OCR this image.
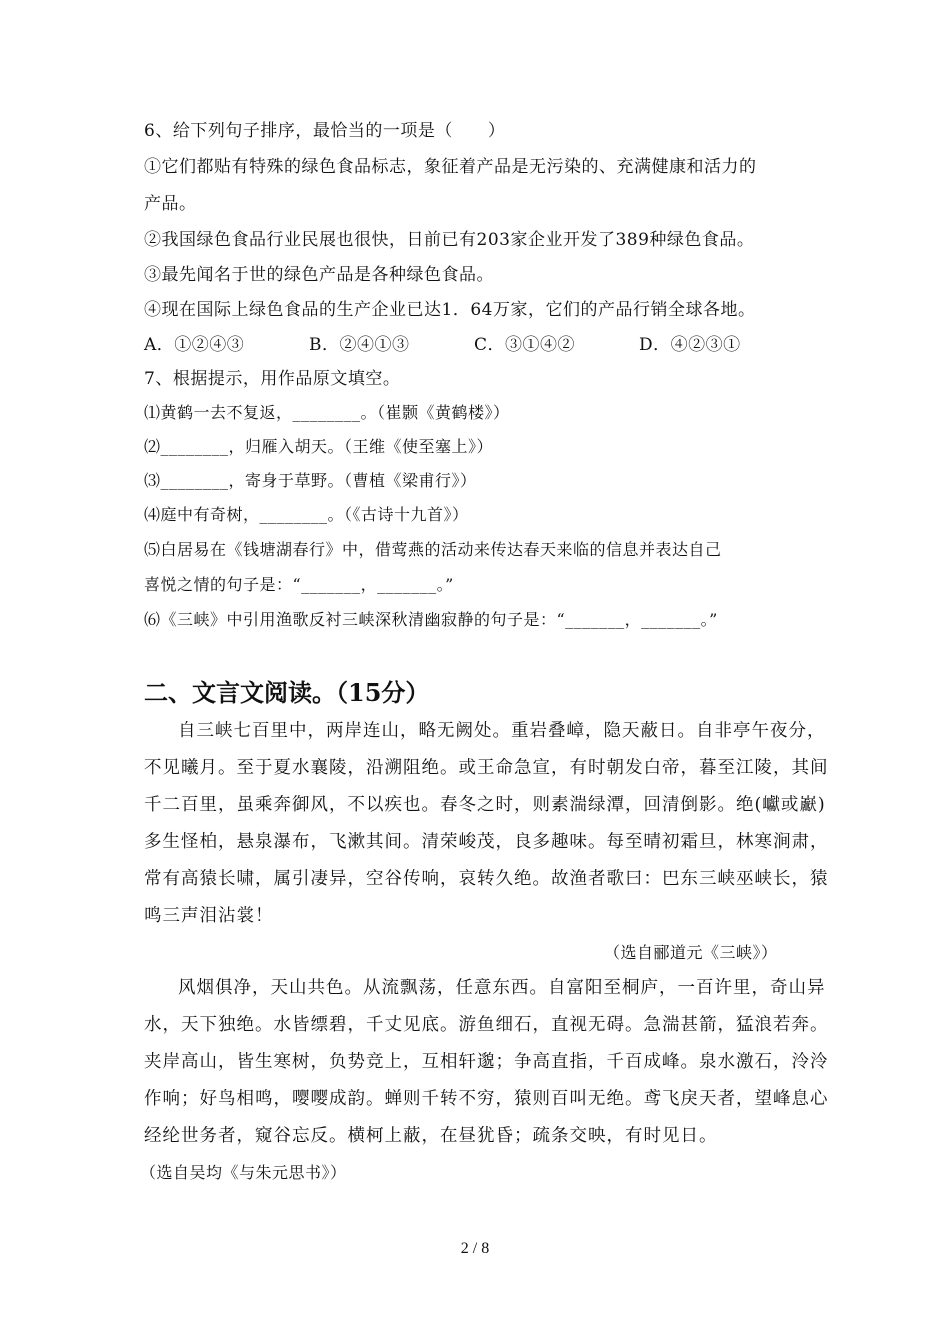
6、给下列句子排序，最恰当的一项是（　　）
①它们都贴有特殊的绿色食品标志，象征着产品是无污染的、充满健康和活力的
产品。
②我国绿色食品行业民展也很快，日前已有203家企业开发了389种绿色食品。
③最先闻名于世的绿色产品是各种绿色食品。
④现在国际上绿色食品的生产企业已达1．64万家，它们的产品行销全球各地。
A．①②④③	B．②④①③	C．③①④②	D．④②③①
7、根据提示，用作品原文填空。
⑴黄鹤一去不复返，________。（崔颢《黄鹤楼》）
⑵________，归雁入胡天。（王维《使至塞上》）
⑶________，寄身于草野。（曹植《梁甫行》）
⑷庭中有奇树，________。（《古诗十九首》）
⑸白居易在《钱塘湖春行》中，借莺燕的活动来传达春天来临的信息并表达自己
喜悦之情的句子是：“_______，_______。”
⑹《三峡》中引用渔歌反衬三峡深秋清幽寂静的句子是：“_______，_______。”
二、文言文阅读。（15分）
自三峡七百里中，两岸连山，略无阙处。重岩叠嶂，隐天蔽日。自非亭午夜分，
不见曦月。至于夏水襄陵，沿溯阻绝。或王命急宣，有时朝发白帝，暮至江陵，其间
千二百里，虽乘奔御风，不以疾也。春冬之时，则素湍绿潭，回清倒影。绝(巘或巚)
多生怪柏，悬泉瀑布，飞漱其间。清荣峻茂，良多趣味。每至晴初霜旦，林寒涧肃，
常有高猿长啸，属引凄异，空谷传响，哀转久绝。故渔者歌曰：巴东三峡巫峡长，猿
鸣三声泪沾裳！
（选自郦道元《三峡》）
风烟俱净，天山共色。从流飘荡，任意东西。自富阳至桐庐，一百许里，奇山异
水，天下独绝。水皆缥碧，千丈见底。游鱼细石，直视无碍。急湍甚箭，猛浪若奔。
夹岸高山，皆生寒树，负势竞上，互相轩邈；争高直指，千百成峰。泉水激石，泠泠
作响；好鸟相鸣，嘤嘤成韵。蝉则千转不穷，猿则百叫无绝。鸢飞戾天者，望峰息心
经纶世务者，窥谷忘反。横柯上蔽，在昼犹昏；疏条交映，有时见日。
（选自吴均《与朱元思书》）
2 / 8
